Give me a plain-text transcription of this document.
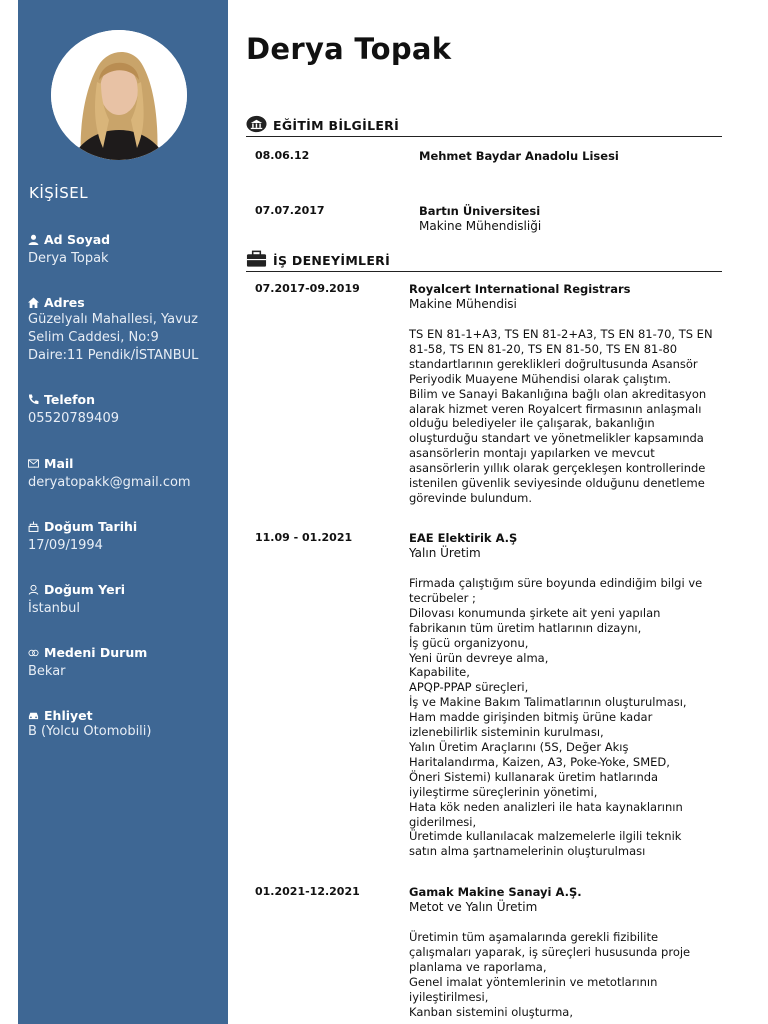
KİŞİSEL
Ad Soyad
Derya Topak
Adres
Güzelyalı Mahallesi, Yavuz
Selim Caddesi, No:9
Daire:11 Pendik/İSTANBUL
Telefon
05520789409
Mail
deryatopakk@gmail.com
Doğum Tarihi
17/09/1994
Doğum Yeri
İstanbul
Medeni Durum
Bekar
Ehliyet
B (Yolcu Otomobili)
Derya Topak
EĞİTİM BİLGİLERİ
08.06.12	Mehmet Baydar Anadolu Lisesi
07.07.2017	Bartın Üniversitesi
Makine Mühendisliği
İŞ DENEYİMLERİ
07.2017-09.2019	Royalcert International Registrars
Makine Mühendisi
TS EN 81-1+A3, TS EN 81-2+A3, TS EN 81-70, TS EN
81-58, TS EN 81-20, TS EN 81-50, TS EN 81-80
standartlarının gereklikleri doğrultusunda Asansör
Periyodik Muayene Mühendisi olarak çalıştım.
Bilim ve Sanayi Bakanlığına bağlı olan akreditasyon
alarak hizmet veren Royalcert firmasının anlaşmalı
olduğu belediyeler ile çalışarak, bakanlığın
oluşturduğu standart ve yönetmelikler kapsamında
asansörlerin montajı yapılarken ve mevcut
asansörlerin yıllık olarak gerçekleşen kontrollerinde
istenilen güvenlik seviyesinde olduğunu denetleme
görevinde bulundum.
11.09 - 01.2021	EAE Elektirik A.Ş
Yalın Üretim
Firmada çalıştığım süre boyunda edindiğim bilgi ve
tecrübeler ;
Dilovası konumunda şirkete ait yeni yapılan
fabrikanın tüm üretim hatlarının dizaynı,
İş gücü organizyonu,
Yeni ürün devreye alma,
Kapabilite,
APQP-PPAP süreçleri,
İş ve Makine Bakım Talimatlarının oluşturulması,
Ham madde girişinden bitmiş ürüne kadar
izlenebilirlik sisteminin kurulması,
Yalın Üretim Araçlarını (5S, Değer Akış
Haritalandırma, Kaizen, A3, Poke-Yoke, SMED,
Öneri Sistemi) kullanarak üretim hatlarında
iyileştirme süreçlerinin yönetimi,
Hata kök neden analizleri ile hata kaynaklarının
giderilmesi,
Üretimde kullanılacak malzemelerle ilgili teknik
satın alma şartnamelerinin oluşturulması
01.2021-12.2021	Gamak Makine Sanayi A.Ş.
Metot ve Yalın Üretim
Üretimin tüm aşamalarında gerekli fizibilite
çalışmaları yaparak, iş süreçleri hususunda proje
planlama ve raporlama,
Genel imalat yöntemlerinin ve metotlarının
iyileştirilmesi,
Kanban sistemini oluşturma,
